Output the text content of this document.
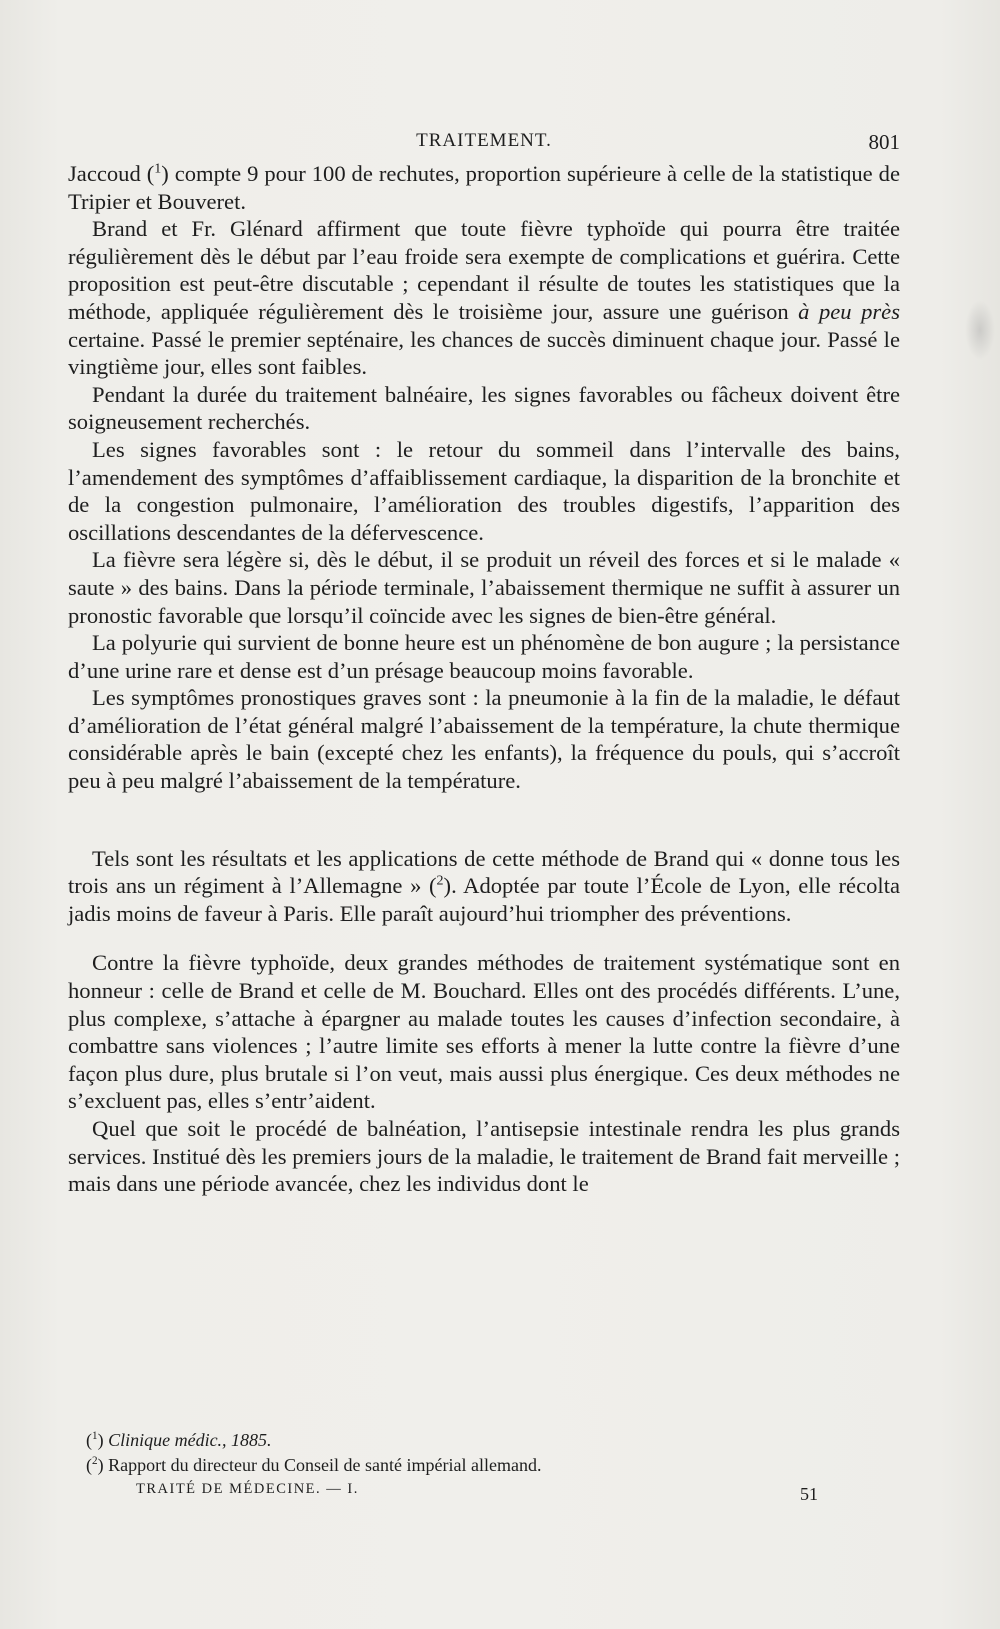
TRAITEMENT.	801

Jaccoud ($^1$) compte 9 pour 100 de rechutes, proportion supérieure à celle de la statistique de Tripier et Bouveret.

Brand et Fr. Glénard affirment que toute fièvre typhoïde qui pourra être traitée régulièrement dès le début par l’eau froide sera exempte de complications et guérira. Cette proposition est peut-être discutable ; cependant il résulte de toutes les statistiques que la méthode, appliquée régulièrement dès le troisième jour, assure une guérison à peu près certaine. Passé le premier septénaire, les chances de succès diminuent chaque jour. Passé le vingtième jour, elles sont faibles.

Pendant la durée du traitement balnéaire, les signes favorables ou fâcheux doivent être soigneusement recherchés.

Les signes favorables sont : le retour du sommeil dans l’intervalle des bains, l’amendement des symptômes d’affaiblissement cardiaque, la disparition de la bronchite et de la congestion pulmonaire, l’amélioration des troubles digestifs, l’apparition des oscillations descendantes de la défervescence.

La fièvre sera légère si, dès le début, il se produit un réveil des forces et si le malade « saute » des bains. Dans la période terminale, l’abaissement thermique ne suffit à assurer un pronostic favorable que lorsqu’il coïncide avec les signes de bien-être général.

La polyurie qui survient de bonne heure est un phénomène de bon augure ; la persistance d’une urine rare et dense est d’un présage beaucoup moins favorable.

Les symptômes pronostiques graves sont : la pneumonie à la fin de la maladie, le défaut d’amélioration de l’état général malgré l’abaissement de la température, la chute thermique considérable après le bain (excepté chez les enfants), la fréquence du pouls, qui s’accroît peu à peu malgré l’abaissement de la température.

Tels sont les résultats et les applications de cette méthode de Brand qui « donne tous les trois ans un régiment à l’Allemagne » ($^2$). Adoptée par toute l’École de Lyon, elle récolta jadis moins de faveur à Paris. Elle paraît aujourd’hui triompher des préventions.

Contre la fièvre typhoïde, deux grandes méthodes de traitement systématique sont en honneur : celle de Brand et celle de M. Bouchard. Elles ont des procédés différents. L’une, plus complexe, s’attache à épargner au malade toutes les causes d’infection secondaire, à combattre sans violences ; l’autre limite ses efforts à mener la lutte contre la fièvre d’une façon plus dure, plus brutale si l’on veut, mais aussi plus énergique. Ces deux méthodes ne s’excluent pas, elles s’entr’aident.

Quel que soit le procédé de balnéation, l’antisepsie intestinale rendra les plus grands services. Institué dès les premiers jours de la maladie, le traitement de Brand fait merveille ; mais dans une période avancée, chez les individus dont le

($^1$) Clinique médic., 1885.

($^2$) Rapport du directeur du Conseil de santé impérial allemand.

TRAITÉ DE MÉDECINE. — I.	51
